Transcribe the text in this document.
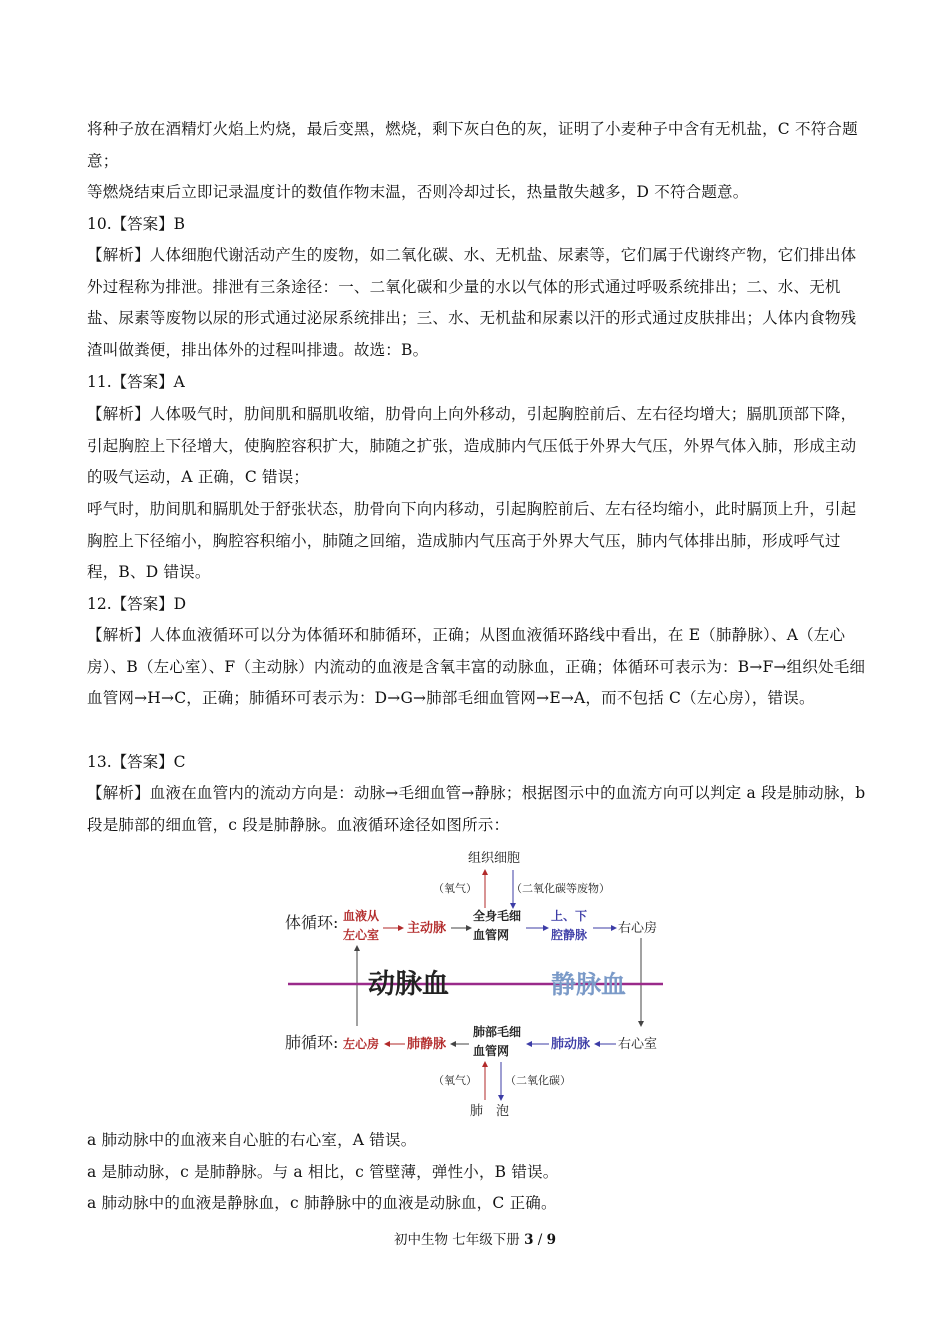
将种子放在酒精灯火焰上灼烧，最后变黑，燃烧，剩下灰白色的灰，证明了小麦种子中含有无机盐，C 不符合题意；

等燃烧结束后立即记录温度计的数值作物末温，否则冷却过长，热量散失越多，D 不符合题意。

10.【答案】B

【解析】人体细胞代谢活动产生的废物，如二氧化碳、水、无机盐、尿素等，它们属于代谢终产物，它们排出体外过程称为排泄。排泄有三条途径：一、二氧化碳和少量的水以气体的形式通过呼吸系统排出；二、水、无机盐、尿素等废物以尿的形式通过泌尿系统排出；三、水、无机盐和尿素以汗的形式通过皮肤排出；人体内食物残渣叫做粪便，排出体外的过程叫排遗。故选：B。

11.【答案】A

【解析】人体吸气时，肋间肌和膈肌收缩，肋骨向上向外移动，引起胸腔前后、左右径均增大；膈肌顶部下降，引起胸腔上下径增大，使胸腔容积扩大，肺随之扩张，造成肺内气压低于外界大气压，外界气体入肺，形成主动的吸气运动，A 正确，C 错误；

呼气时，肋间肌和膈肌处于舒张状态，肋骨向下向内移动，引起胸腔前后、左右径均缩小，此时膈顶上升，引起胸腔上下径缩小，胸腔容积缩小，肺随之回缩，造成肺内气压高于外界大气压，肺内气体排出肺，形成呼气过程，B、D 错误。

12.【答案】D

【解析】人体血液循环可以分为体循环和肺循环，正确；从图血液循环路线中看出，在 E（肺静脉）、A（左心房）、B（左心室）、F（主动脉）内流动的血液是含氧丰富的动脉血，正确；体循环可表示为：B→F→组织处毛细血管网→H→C，正确；肺循环可表示为：D→G→肺部毛细血管网→E→A，而不包括 C（左心房），错误。

13.【答案】C

【解析】血液在血管内的流动方向是：动脉→毛细血管→静脉；根据图示中的血流方向可以判定 a 段是肺动脉，b 段是肺部的细血管，c 段是肺静脉。血液循环途径如图所示：

组织细胞
（氧气）	（二氧化碳等废物）
体循环: 血液从
左心室 主动脉
全身毛细
血管网
上、下
腔静脉 右心房
动脉血	静脉血
肺循环: 左心房 肺静脉
肺部毛细
血管网	肺动脉 右心室
（氧气）	（二氧化碳）
肺　泡

a 肺动脉中的血液来自心脏的右心室，A 错误。

a 是肺动脉，c 是肺静脉。与 a 相比，c 管壁薄，弹性小，B 错误。

a 肺动脉中的血液是静脉血，c 肺静脉中的血液是动脉血，C 正确。

初中生物 七年级下册 3 / 9
